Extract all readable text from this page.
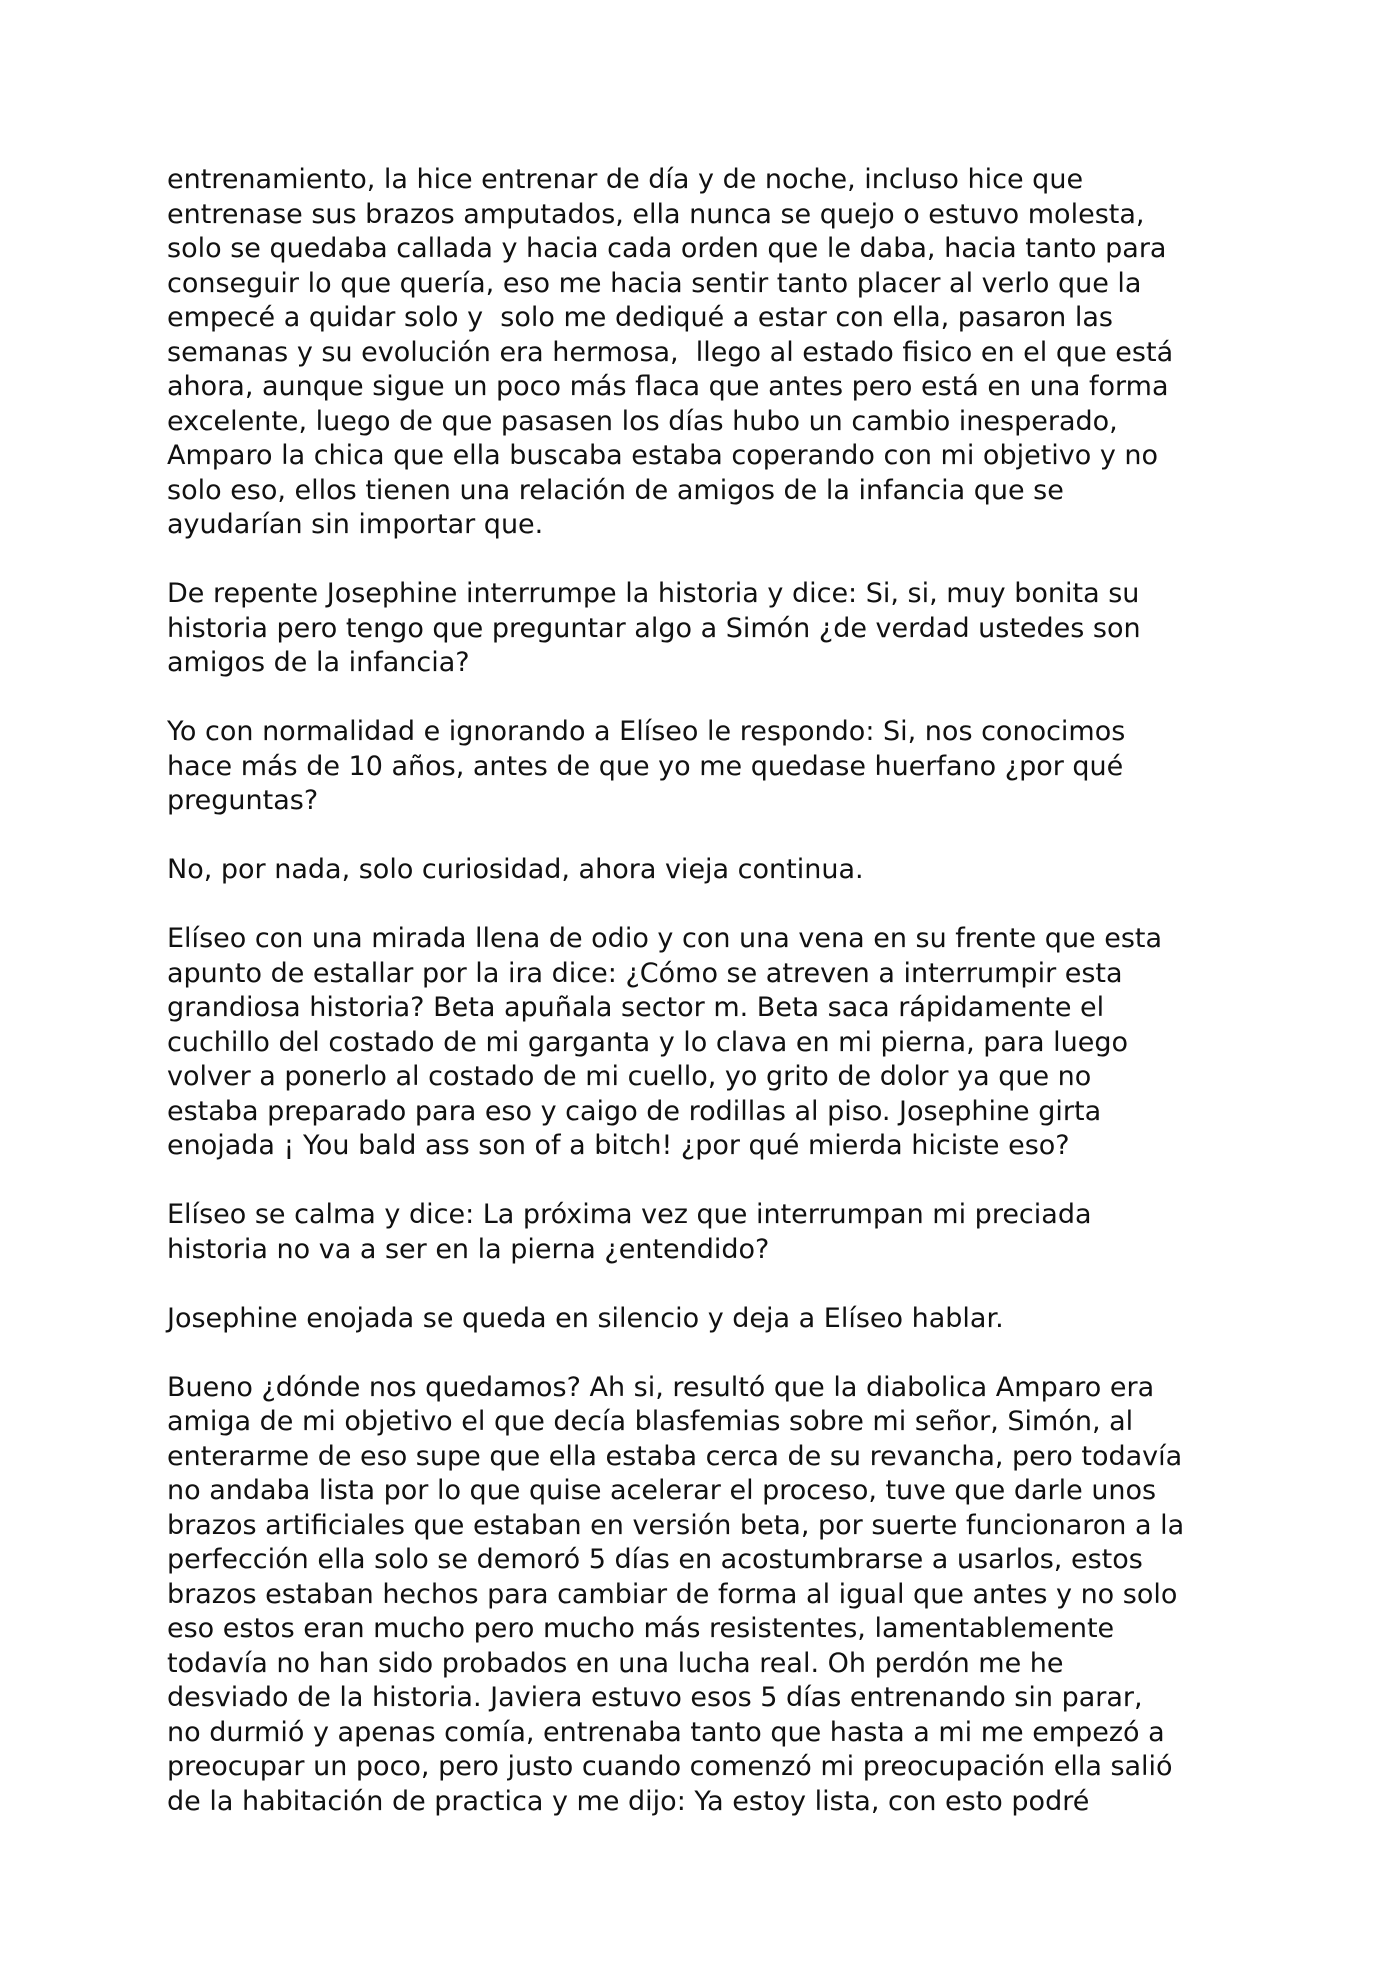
entrenamiento, la hice entrenar de día y de noche, incluso hice que
entrenase sus brazos amputados, ella nunca se quejo o estuvo molesta,
solo se quedaba callada y hacia cada orden que le daba, hacia tanto para
conseguir lo que quería, eso me hacia sentir tanto placer al verlo que la
empecé a quidar solo y  solo me dediqué a estar con ella, pasaron las
semanas y su evolución era hermosa,  llego al estado fisico en el que está
ahora, aunque sigue un poco más flaca que antes pero está en una forma
excelente, luego de que pasasen los días hubo un cambio inesperado,
Amparo la chica que ella buscaba estaba coperando con mi objetivo y no
solo eso, ellos tienen una relación de amigos de la infancia que se
ayudarían sin importar que.
De repente Josephine interrumpe la historia y dice: Si, si, muy bonita su
historia pero tengo que preguntar algo a Simón ¿de verdad ustedes son
amigos de la infancia?
Yo con normalidad e ignorando a Elíseo le respondo: Si, nos conocimos
hace más de 10 años, antes de que yo me quedase huerfano ¿por qué
preguntas?
No, por nada, solo curiosidad, ahora vieja continua.
Elíseo con una mirada llena de odio y con una vena en su frente que esta
apunto de estallar por la ira dice: ¿Cómo se atreven a interrumpir esta
grandiosa historia? Beta apuñala sector m. Beta saca rápidamente el
cuchillo del costado de mi garganta y lo clava en mi pierna, para luego
volver a ponerlo al costado de mi cuello, yo grito de dolor ya que no
estaba preparado para eso y caigo de rodillas al piso. Josephine girta
enojada ¡ You bald ass son of a bitch! ¿por qué mierda hiciste eso?
Elíseo se calma y dice: La próxima vez que interrumpan mi preciada
historia no va a ser en la pierna ¿entendido?
Josephine enojada se queda en silencio y deja a Elíseo hablar.
Bueno ¿dónde nos quedamos? Ah si, resultó que la diabolica Amparo era
amiga de mi objetivo el que decía blasfemias sobre mi señor, Simón, al
enterarme de eso supe que ella estaba cerca de su revancha, pero todavía
no andaba lista por lo que quise acelerar el proceso, tuve que darle unos
brazos artificiales que estaban en versión beta, por suerte funcionaron a la
perfección ella solo se demoró 5 días en acostumbrarse a usarlos, estos
brazos estaban hechos para cambiar de forma al igual que antes y no solo
eso estos eran mucho pero mucho más resistentes, lamentablemente
todavía no han sido probados en una lucha real. Oh perdón me he
desviado de la historia. Javiera estuvo esos 5 días entrenando sin parar,
no durmió y apenas comía, entrenaba tanto que hasta a mi me empezó a
preocupar un poco, pero justo cuando comenzó mi preocupación ella salió
de la habitación de practica y me dijo: Ya estoy lista, con esto podré
